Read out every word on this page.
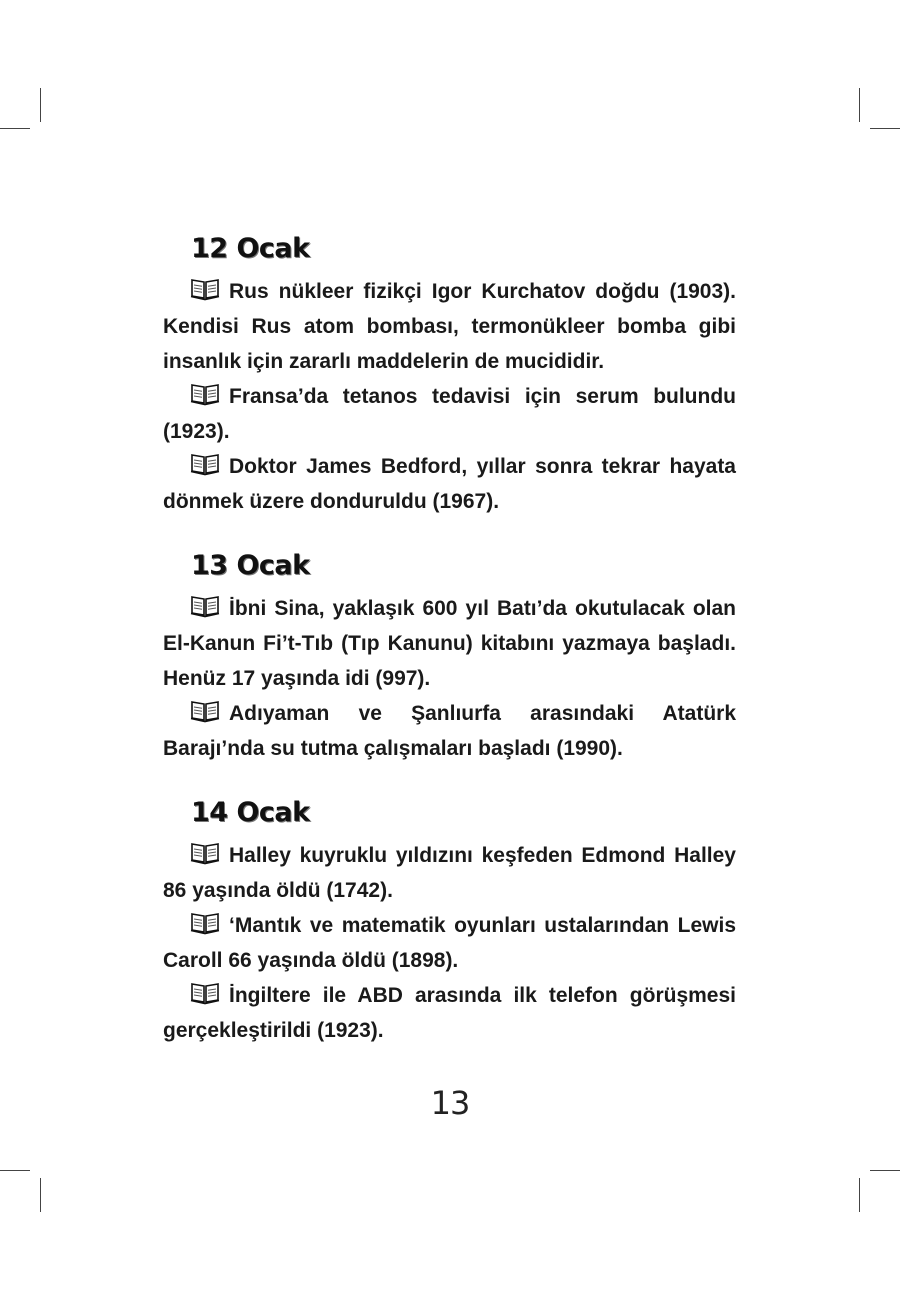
12 Ocak

Rus nükleer fizikçi Igor Kurchatov doğdu (1903). Kendisi Rus atom bombası, termonükleer bomba gibi insanlık için zararlı maddelerin de mucididir.

Fransa’da tetanos tedavisi için serum bulundu (1923).

Doktor James Bedford, yıllar sonra tekrar hayata dönmek üzere donduruldu (1967).

13 Ocak

İbni Sina, yaklaşık 600 yıl Batı’da okutulacak olan El-Kanun Fi’t-Tıb (Tıp Kanunu) kitabını yazmaya başladı. Henüz 17 yaşında idi (997).

Adıyaman ve Şanlıurfa arasındaki Atatürk Barajı’nda su tutma çalışmaları başladı (1990).

14 Ocak

Halley kuyruklu yıldızını keşfeden Edmond Halley 86 yaşında öldü (1742).

‘Mantık ve matematik oyunları ustalarından Lewis Caroll 66 yaşında öldü (1898).

İngiltere ile ABD arasında ilk telefon görüşmesi gerçekleştirildi (1923).

13
